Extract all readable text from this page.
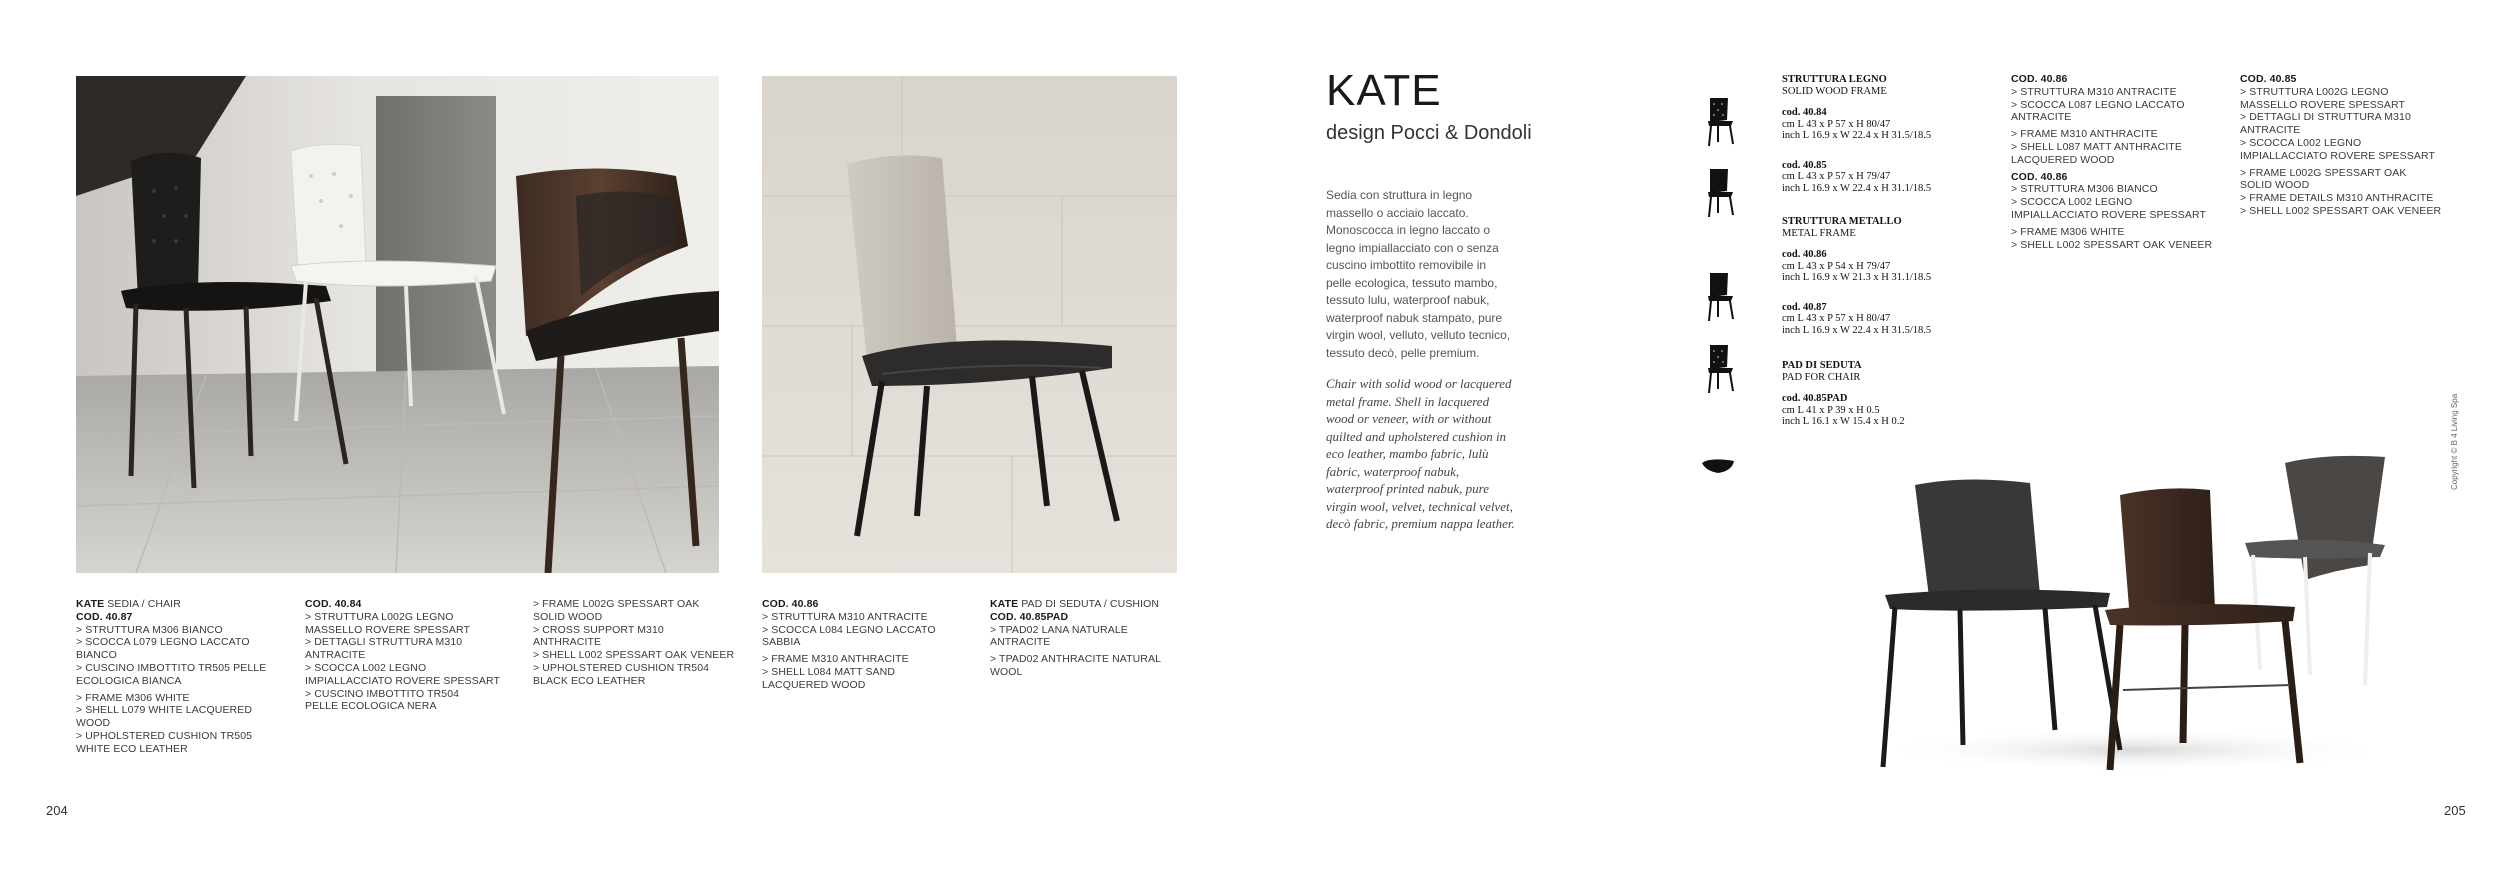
KATE SEDIA / CHAIR
COD. 40.87
> STRUTTURA M306 BIANCO
> SCOCCA L079 LEGNO LACCATO
BIANCO
> CUSCINO IMBOTTITO TR505 PELLE
ECOLOGICA BIANCA
> FRAME M306 WHITE
> SHELL L079 WHITE LACQUERED
WOOD
> UPHOLSTERED CUSHION TR505
WHITE ECO LEATHER
COD. 40.84
> STRUTTURA L002G LEGNO
MASSELLO ROVERE SPESSART
> DETTAGLI STRUTTURA M310
ANTRACITE
> SCOCCA L002 LEGNO
IMPIALLACCIATO ROVERE SPESSART
> CUSCINO IMBOTTITO TR504
PELLE ECOLOGICA NERA
> FRAME L002G SPESSART OAK
SOLID WOOD
> CROSS SUPPORT M310
ANTHRACITE
> SHELL L002 SPESSART OAK VENEER
> UPHOLSTERED CUSHION TR504
BLACK ECO LEATHER
COD. 40.86
> STRUTTURA M310 ANTRACITE
> SCOCCA L084 LEGNO LACCATO
SABBIA
> FRAME M310 ANTHRACITE
> SHELL L084 MATT SAND
LACQUERED WOOD
KATE PAD DI SEDUTA / CUSHION
COD. 40.85PAD
> TPAD02 LANA NATURALE
ANTRACITE
> TPAD02 ANTHRACITE NATURAL
WOOL
204
KATE
design Pocci & Dondoli
Sedia con struttura in legno massello o acciaio laccato. Monoscocca in legno laccato o legno impiallacciato con o senza cuscino imbottito removibile in pelle ecologica, tessuto mambo, tessuto lulu, waterproof nabuk, waterproof nabuk stampato, pure virgin wool, velluto, velluto tecnico, tessuto decò, pelle premium.
Chair with solid wood or lacquered metal frame. Shell in lacquered wood or veneer, with or without quilted and upholstered cushion in eco leather, mambo fabric, lulù fabric, waterproof nabuk, waterproof printed nabuk, pure virgin wool, velvet, technical velvet, decò fabric, premium nappa leather.
STRUTTURA LEGNO
SOLID WOOD FRAME
cod. 40.84
cm L 43 x P 57 x H 80/47
inch L 16.9 x W 22.4 x H 31.5/18.5
cod. 40.85
cm L 43 x P 57 x H 79/47
inch L 16.9 x W 22.4 x H 31.1/18.5
STRUTTURA METALLO
METAL FRAME
cod. 40.86
cm L 43 x P 54 x H 79/47
inch L 16.9 x W 21.3 x H 31.1/18.5
cod. 40.87
cm L 43 x P 57 x H 80/47
inch L 16.9 x W 22.4 x H 31.5/18.5
PAD DI SEDUTA
PAD FOR CHAIR
cod. 40.85PAD
cm L 41 x P 39 x H 0.5
inch L 16.1 x W 15.4 x H 0.2
COD. 40.86
> STRUTTURA M310 ANTRACITE
> SCOCCA L087 LEGNO LACCATO
ANTRACITE
> FRAME M310 ANTHRACITE
> SHELL L087 MATT ANTHRACITE
LACQUERED WOOD
COD. 40.86
> STRUTTURA M306 BIANCO
> SCOCCA L002 LEGNO
IMPIALLACCIATO ROVERE SPESSART
> FRAME M306 WHITE
> SHELL L002 SPESSART OAK VENEER
COD. 40.85
> STRUTTURA L002G LEGNO
MASSELLO ROVERE SPESSART
> DETTAGLI DI STRUTTURA M310
ANTRACITE
> SCOCCA L002 LEGNO
IMPIALLACCIATO ROVERE SPESSART
> FRAME L002G SPESSART OAK
SOLID WOOD
> FRAME DETAILS M310 ANTHRACITE
> SHELL L002 SPESSART OAK VENEER
Copyright © B 4 Living Spa
205
